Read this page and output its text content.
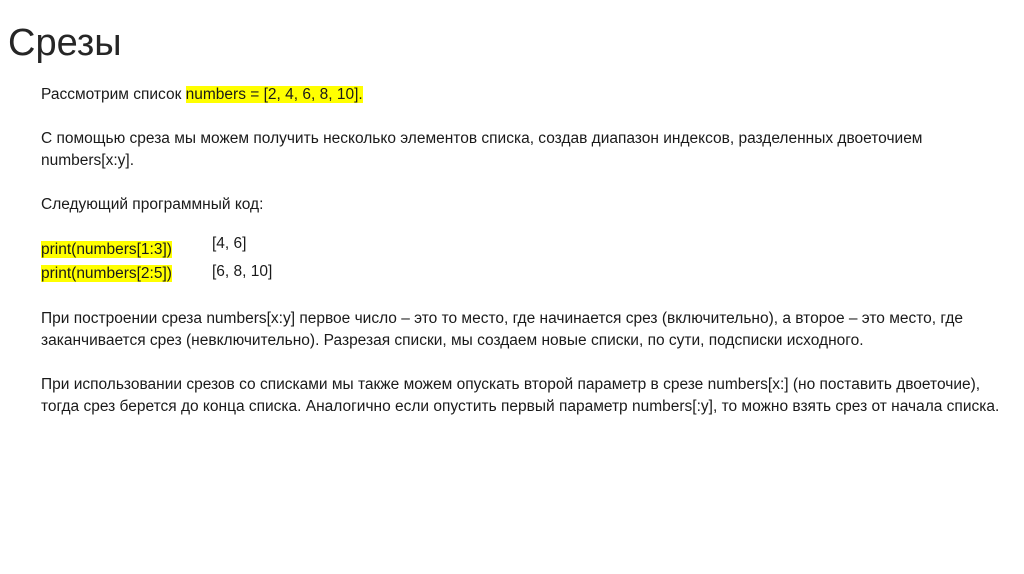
Срезы

Рассмотрим список numbers = [2, 4, 6, 8, 10].

С помощью среза мы можем получить несколько элементов списка, создав диапазон индексов, разделенных двоеточием numbers[x:y].

Следующий программный код:

print(numbers[1:3])
print(numbers[2:5])
[4, 6]
[6, 8, 10]

При построении среза numbers[x:y] первое число – это то место, где начинается срез (включительно), а второе – это место, где заканчивается срез (невключительно). Разрезая списки, мы создаем новые списки, по сути, подсписки исходного.

При использовании срезов со списками мы также можем опускать второй параметр в срезе numbers[x:] (но поставить двоеточие), тогда срез берется до конца списка. Аналогично если опустить первый параметр numbers[:y], то можно взять срез от начала списка.
